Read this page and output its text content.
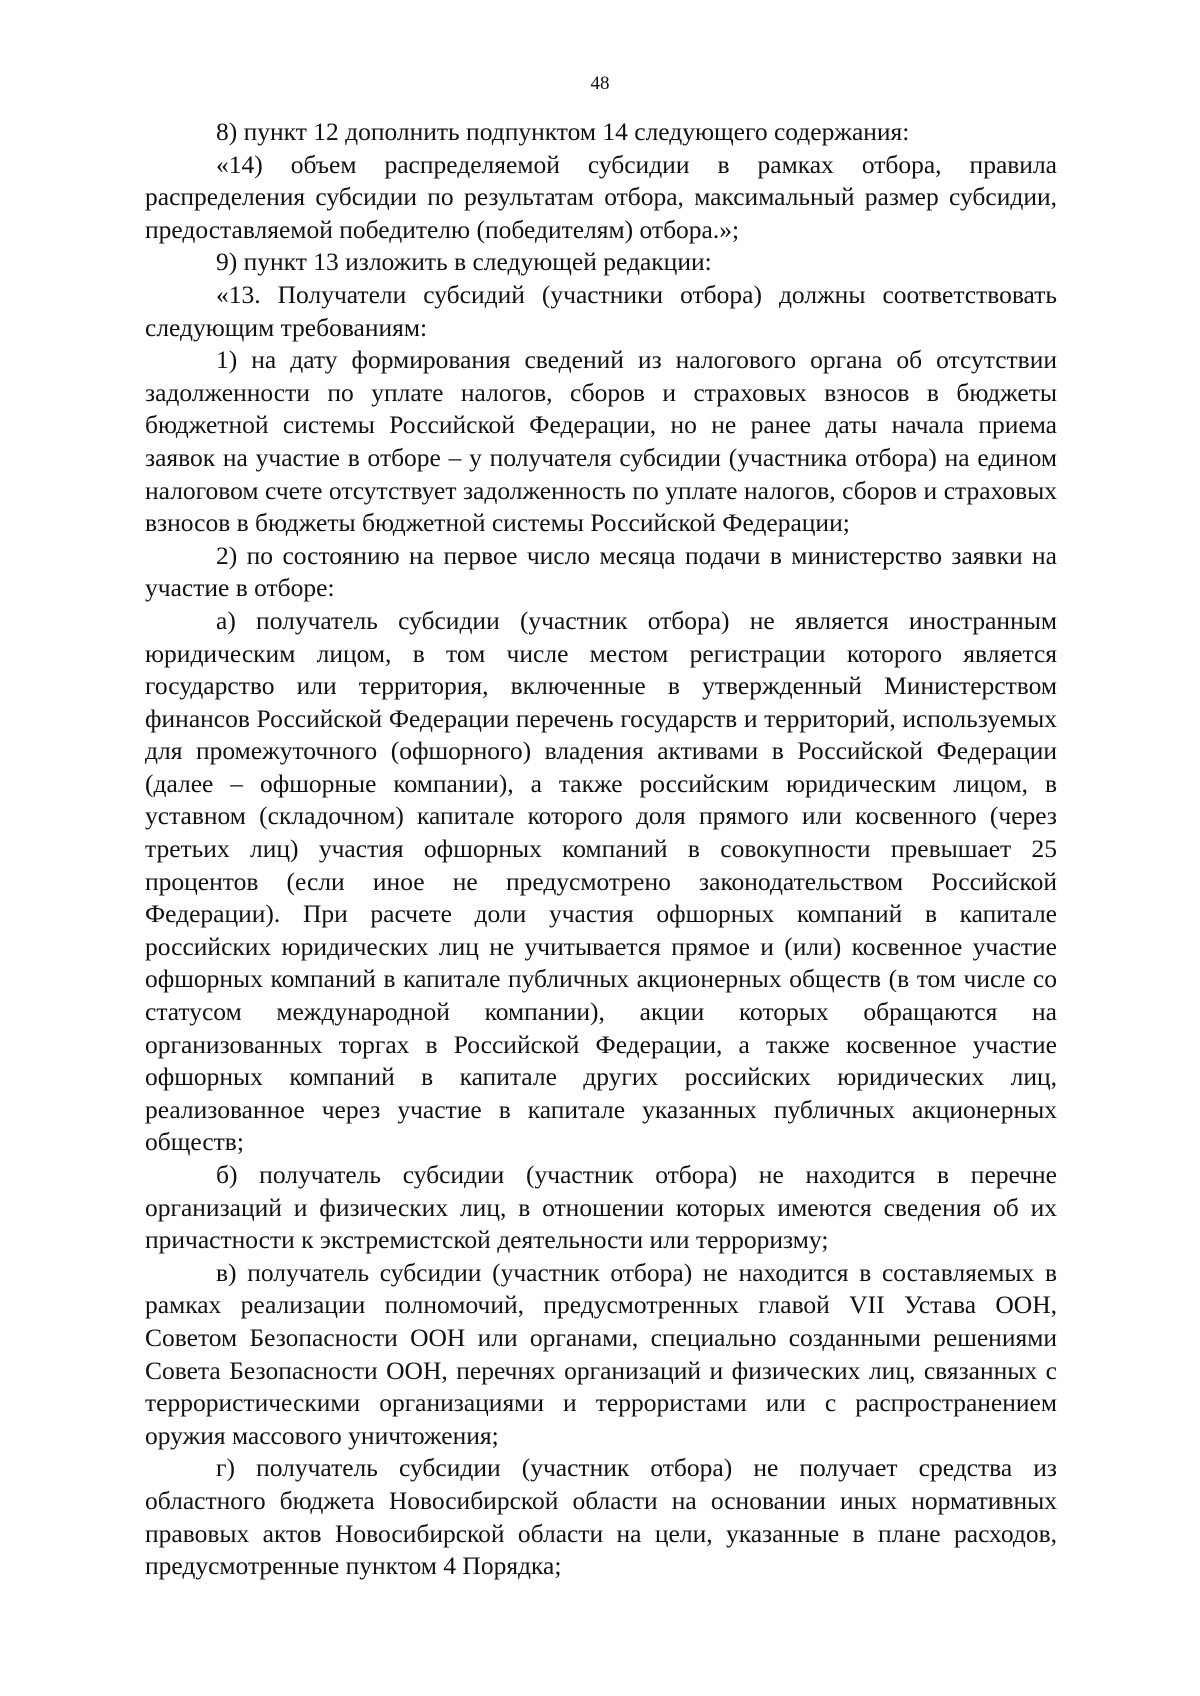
48

8) пункт 12 дополнить подпунктом 14 следующего содержания:

«14) объем распределяемой субсидии в рамках отбора, правила распределения субсидии по результатам отбора, максимальный размер субсидии, предоставляемой победителю (победителям) отбора.»;

9) пункт 13 изложить в следующей редакции:

«13. Получатели субсидий (участники отбора) должны соответствовать следующим требованиям:

1) на дату формирования сведений из налогового органа об отсутствии задолженности по уплате налогов, сборов и страховых взносов в бюджеты бюджетной системы Российской Федерации, но не ранее даты начала приема заявок на участие в отборе – у получателя субсидии (участника отбора) на едином налоговом счете отсутствует задолженность по уплате налогов, сборов и страховых взносов в бюджеты бюджетной системы Российской Федерации;

2) по состоянию на первое число месяца подачи в министерство заявки на участие в отборе:

а) получатель субсидии (участник отбора) не является иностранным юридическим лицом, в том числе местом регистрации которого является государство или территория, включенные в утвержденный Министерством финансов Российской Федерации перечень государств и территорий, используемых для промежуточного (офшорного) владения активами в Российской Федерации (далее – офшорные компании), а также российским юридическим лицом, в уставном (складочном) капитале которого доля прямого или косвенного (через третьих лиц) участия офшорных компаний в совокупности превышает 25 процентов (если иное не предусмотрено законодательством Российской Федерации). При расчете доли участия офшорных компаний в капитале российских юридических лиц не учитывается прямое и (или) косвенное участие офшорных компаний в капитале публичных акционерных обществ (в том числе со статусом международной компании), акции которых обращаются на организованных торгах в Российской Федерации, а также косвенное участие офшорных компаний в капитале других российских юридических лиц, реализованное через участие в капитале указанных публичных акционерных обществ;

б) получатель субсидии (участник отбора) не находится в перечне организаций и физических лиц, в отношении которых имеются сведения об их причастности к экстремистской деятельности или терроризму;

в) получатель субсидии (участник отбора) не находится в составляемых в рамках реализации полномочий, предусмотренных главой VII Устава ООН, Советом Безопасности ООН или органами, специально созданными решениями Совета Безопасности ООН, перечнях организаций и физических лиц, связанных с террористическими организациями и террористами или с распространением оружия массового уничтожения;

г) получатель субсидии (участник отбора) не получает средства из областного бюджета Новосибирской области на основании иных нормативных правовых актов Новосибирской области на цели, указанные в плане расходов, предусмотренные пунктом 4 Порядка;
